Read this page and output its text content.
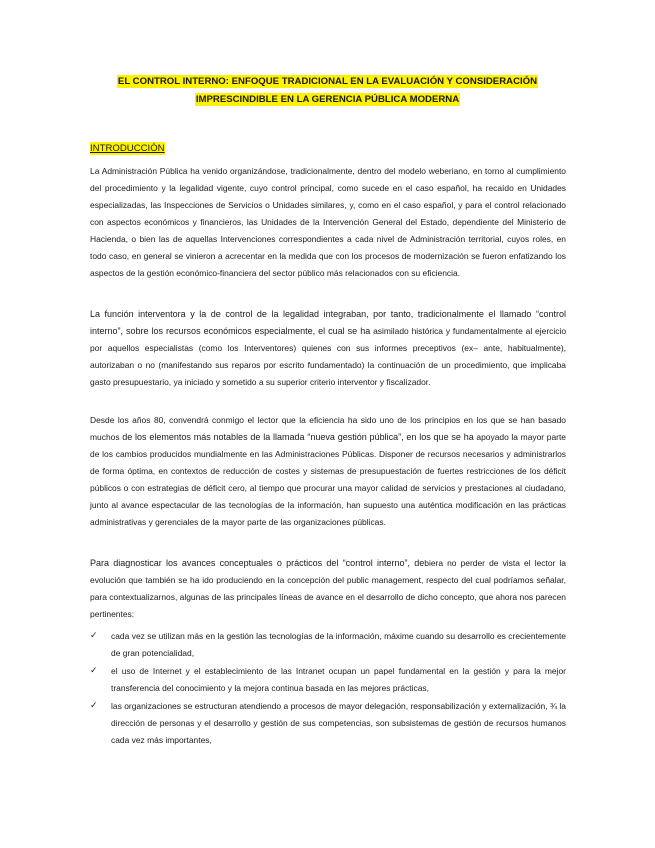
EL CONTROL INTERNO: ENFOQUE TRADICIONAL EN LA EVALUACIÓN Y CONSIDERACIÓN
IMPRESCINDIBLE EN LA GERENCIA PÚBLICA MODERNA
INTRODUCCIÓN

La Administración Pública ha venido organizándose, tradicionalmente, dentro del modelo weberiano, en torno al cumplimiento del procedimiento y la legalidad vigente, cuyo control principal, como sucede en el caso español, ha recaído en Unidades especializadas, las Inspecciones de Servicios o Unidades similares, y, como en el caso español, y para el control relacionado con aspectos económicos y financieros, las Unidades de la Intervención General del Estado, dependiente del Ministerio de Hacienda, o bien las de aquellas Intervenciones correspondientes a cada nivel de Administración territorial, cuyos roles, en todo caso, en general se vinieron a acrecentar en la medida que con los procesos de modernización se fueron enfatizando los aspectos de la gestión económico-financiera del sector público más relacionados con su eficiencia.

La función interventora y la de control de la legalidad integraban, por tanto, tradicionalmente el llamado “control interno”, sobre los recursos económicos especialmente, el cual se ha asimilado histórica y fundamentalmente al ejercicio por aquellos especialistas (como los Interventores) quienes con sus informes preceptivos (ex– ante, habitualmente), autorizaban o no (manifestando sus reparos por escrito fundamentado) la continuación de un procedimiento, que implicaba gasto presupuestario, ya iniciado y sometido a su superior criterio interventor y fiscalizador.

Desde los años 80, convendrá conmigo el lector que la eficiencia ha sido uno de los principios en los que se han basado muchos de los elementos más notables de la llamada “nueva gestión pública”, en los que se ha apoyado la mayor parte de los cambios producidos mundialmente en las Administraciones Públicas. Disponer de recursos necesarios y administrarlos de forma óptima, en contextos de reducción de costes y sistemas de presupuestación de fuertes restricciones de los déficit públicos o con estrategias de déficit cero, al tiempo que procurar una mayor calidad de servicios y prestaciones al ciudadano, junto al avance espectacular de las tecnologías de la información, han supuesto una auténtica modificación en las prácticas administrativas y gerenciales de la mayor parte de las organizaciones públicas.

Para diagnosticar los avances conceptuales o prácticos del “control interno”, debiera no perder de vista el lector la evolución que también se ha ido produciendo en la concepción del public management, respecto del cual podríamos señalar, para contextualizarnos, algunas de las principales líneas de avance en el desarrollo de dicho concepto, que ahora nos parecen pertinentes:

✓ cada vez se utilizan más en la gestión las tecnologías de la información, máxime cuando su desarrollo es crecientemente de gran potencialidad,
✓ el uso de Internet y el establecimiento de las Intranet ocupan un papel fundamental en la gestión y para la mejor transferencia del conocimiento y la mejora continua basada en las mejores prácticas,
✓ las organizaciones se estructuran atendiendo a procesos de mayor delegación, responsabilización y externalización, ¾ la dirección de personas y el desarrollo y gestión de sus competencias, son subsistemas de gestión de recursos humanos cada vez más importantes,
